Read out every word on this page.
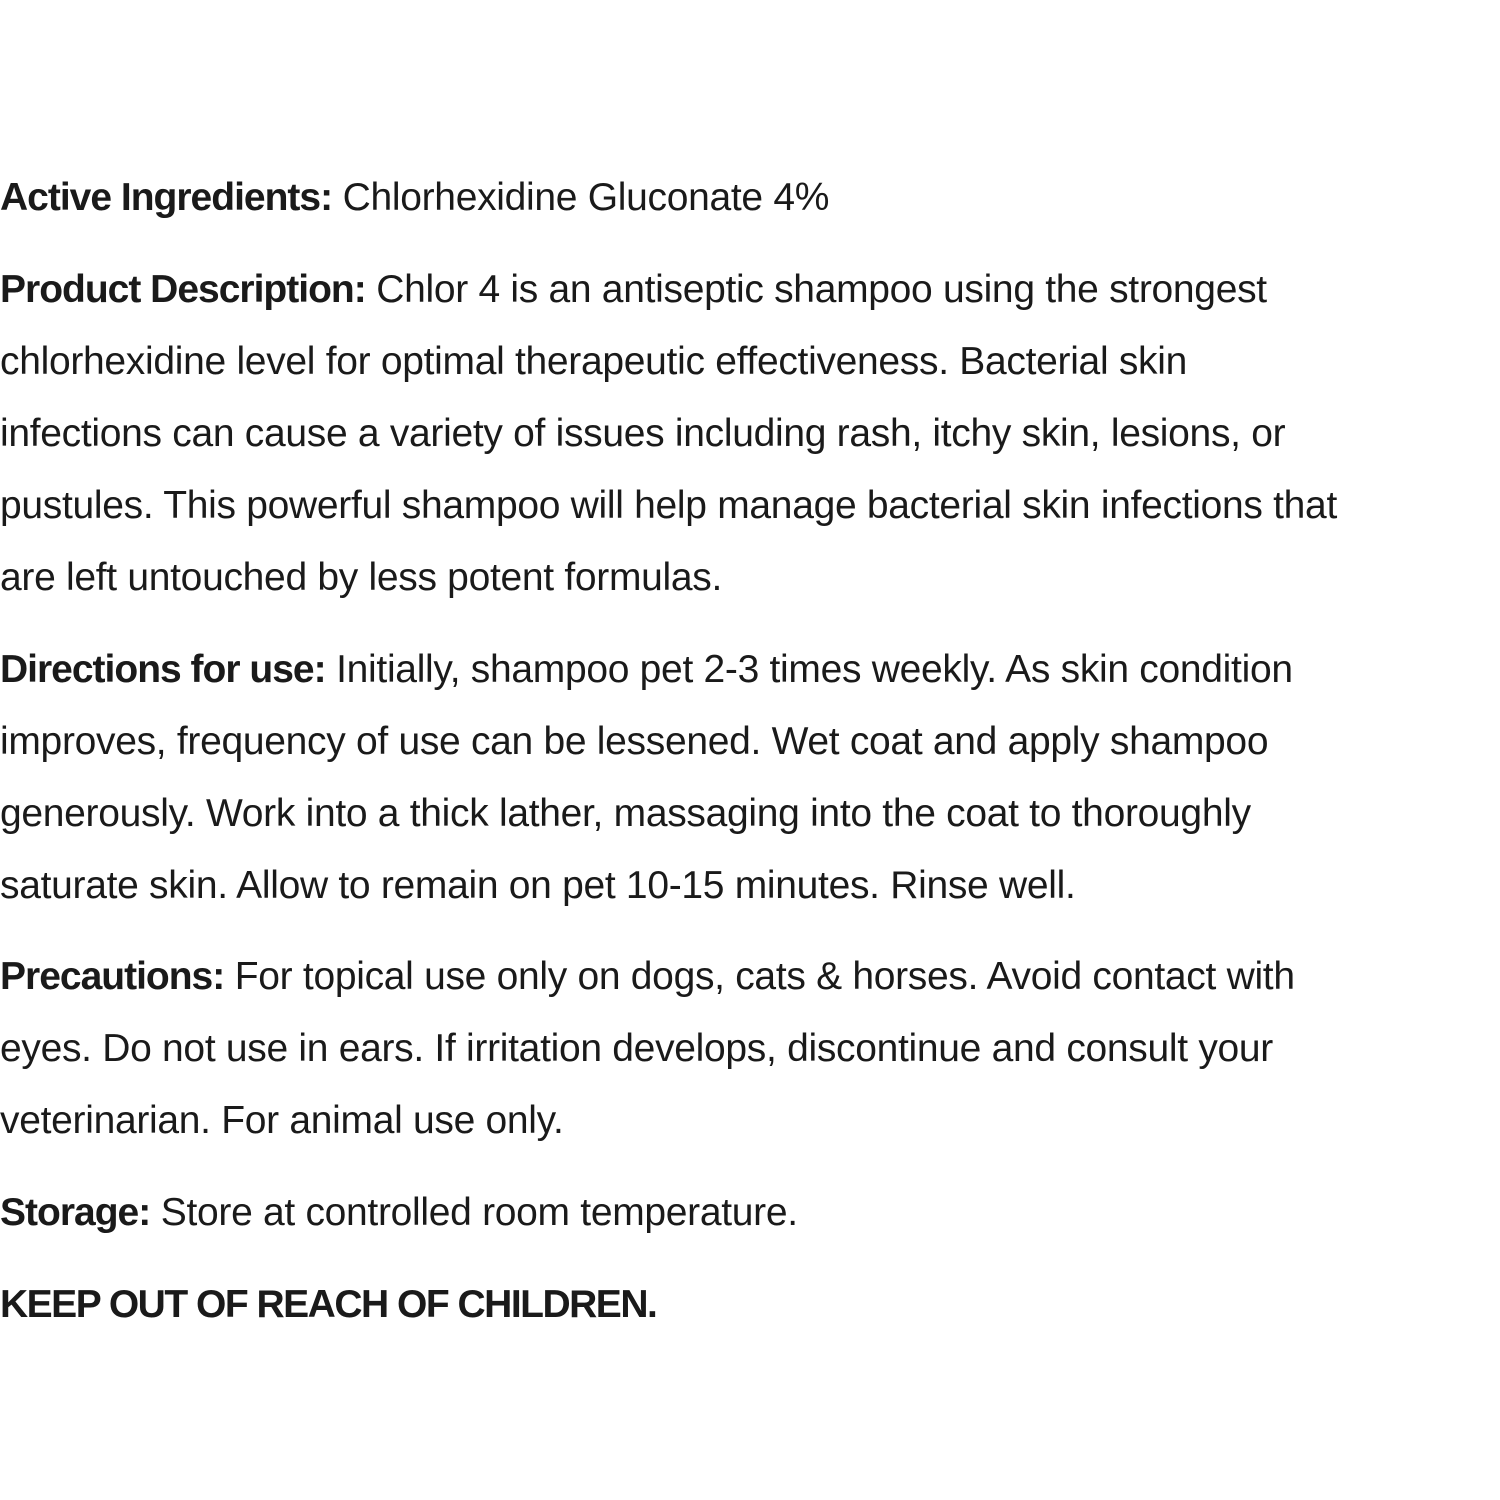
Active Ingredients: Chlorhexidine Gluconate 4%
Product Description: Chlor 4 is an antiseptic shampoo using the strongest
chlorhexidine level for optimal therapeutic effectiveness. Bacterial skin
infections can cause a variety of issues including rash, itchy skin, lesions, or
pustules. This powerful shampoo will help manage bacterial skin infections that
are left untouched by less potent formulas.
Directions for use: Initially, shampoo pet 2-3 times weekly. As skin condition
improves, frequency of use can be lessened. Wet coat and apply shampoo
generously. Work into a thick lather, massaging into the coat to thoroughly
saturate skin. Allow to remain on pet 10-15 minutes. Rinse well.
Precautions: For topical use only on dogs, cats & horses. Avoid contact with
eyes. Do not use in ears. If irritation develops, discontinue and consult your
veterinarian. For animal use only.
Storage: Store at controlled room temperature.
KEEP OUT OF REACH OF CHILDREN.
